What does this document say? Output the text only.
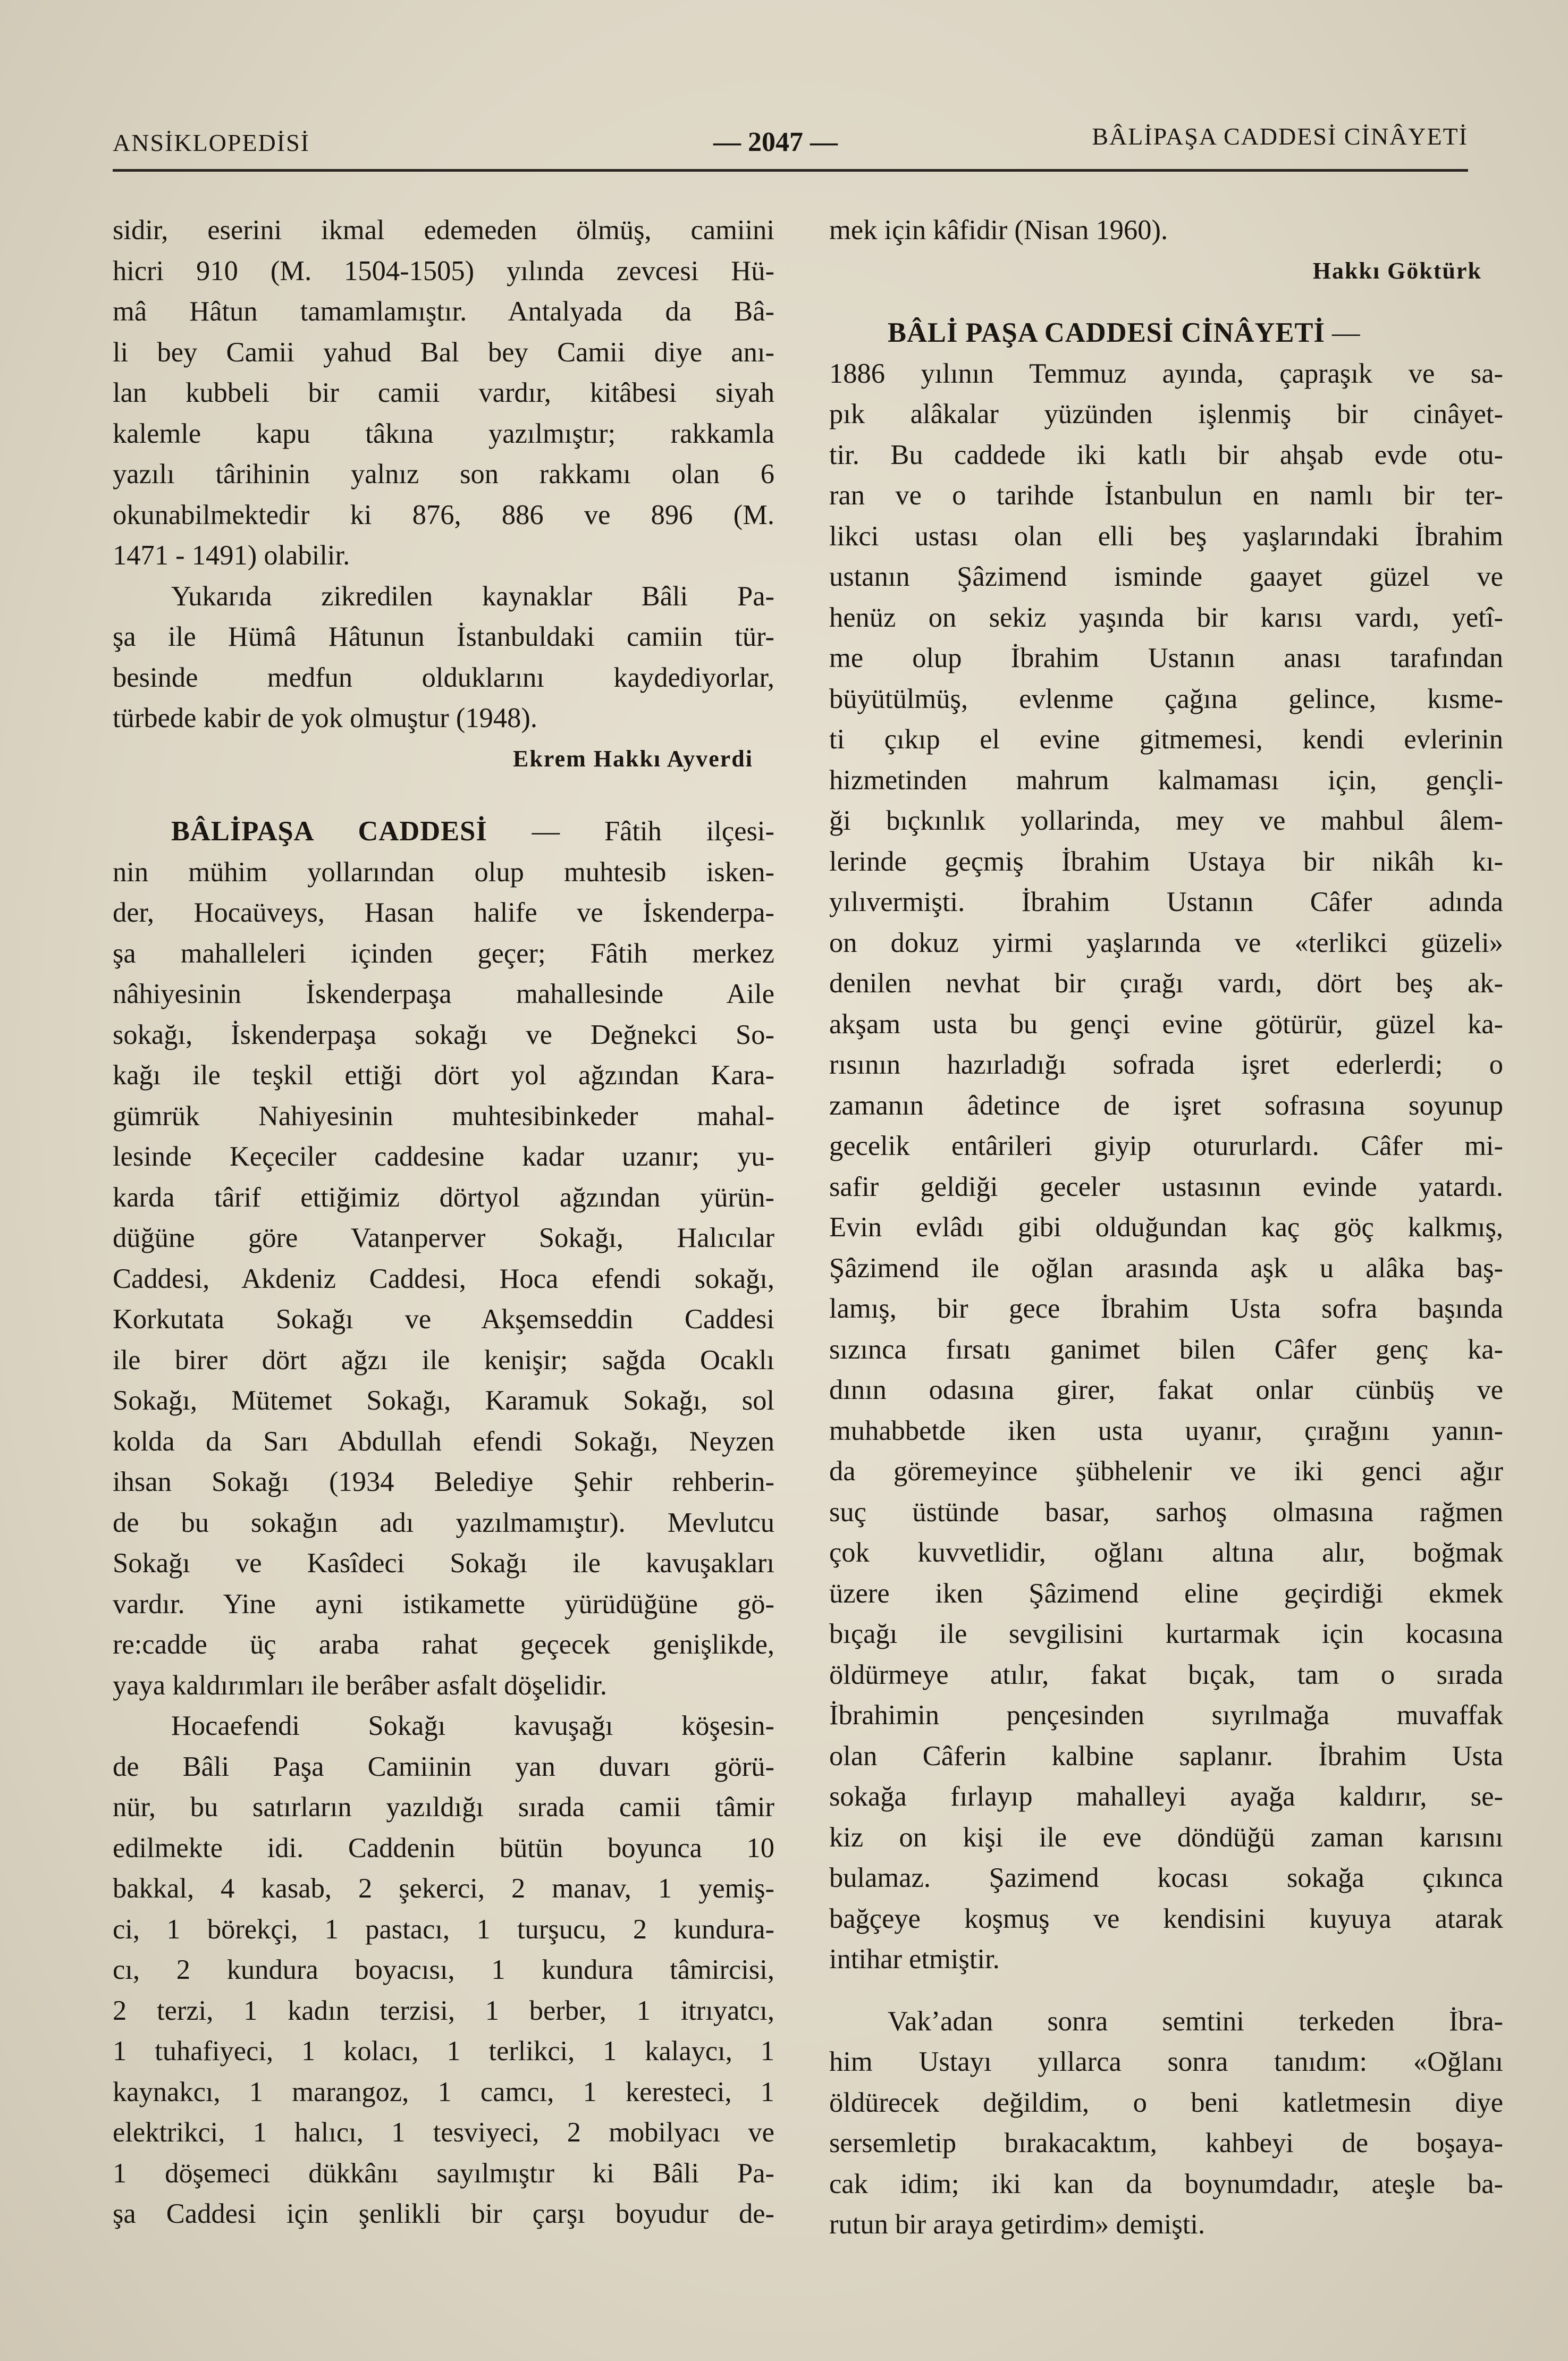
ANSİKLOPEDİSİ	— 2047 —	BÂLİPAŞA CADDESİ CİNÂYETİ
sidir, eserini ikmal edemeden ölmüş, camiini
hicri 910 (M. 1504-1505) yılında zevcesi Hü-
mâ Hâtun tamamlamıştır. Antalyada da Bâ-
li bey Camii yahud Bal bey Camii diye anı-
lan kubbeli bir camii vardır, kitâbesi siyah
kalemle kapu tâkına yazılmıştır; rakkamla
yazılı târihinin yalnız son rakkamı olan 6
okunabilmektedir ki 876, 886 ve 896 (M.
1471 - 1491) olabilir.
Yukarıda zikredilen kaynaklar Bâli Pa-
şa ile Hümâ Hâtunun İstanbuldaki camiin tür-
besinde medfun olduklarını kaydediyorlar,
türbede kabir de yok olmuştur (1948).
Ekrem Hakkı Ayverdi
BÂLİPAŞA CADDESİ — Fâtih ilçesi-
nin mühim yollarından olup muhtesib isken-
der, Hocaüveys, Hasan halife ve İskenderpa-
şa mahalleleri içinden geçer; Fâtih merkez
nâhiyesinin İskenderpaşa mahallesinde Aile
sokağı, İskenderpaşa sokağı ve Değnekci So-
kağı ile teşkil ettiği dört yol ağzından Kara-
gümrük Nahiyesinin muhtesibinkeder mahal-
lesinde Keçeciler caddesine kadar uzanır; yu-
karda târif ettiğimiz dörtyol ağzından yürün-
düğüne göre Vatanperver Sokağı, Halıcılar
Caddesi, Akdeniz Caddesi, Hoca efendi sokağı,
Korkutata Sokağı ve Akşemseddin Caddesi
ile birer dört ağzı ile kenişir; sağda Ocaklı
Sokağı, Mütemet Sokağı, Karamuk Sokağı, sol
kolda da Sarı Abdullah efendi Sokağı, Neyzen
ihsan Sokağı (1934 Belediye Şehir rehberin-
de bu sokağın adı yazılmamıştır). Mevlutcu
Sokağı ve Kasîdeci Sokağı ile kavuşakları
vardır. Yine ayni istikamette yürüdüğüne gö-
re:cadde üç araba rahat geçecek genişlikde,
yaya kaldırımları ile berâber asfalt döşelidir.
Hocaefendi Sokağı kavuşağı köşesin-
de Bâli Paşa Camiinin yan duvarı görü-
nür, bu satırların yazıldığı sırada camii tâmir
edilmekte idi. Caddenin bütün boyunca 10
bakkal, 4 kasab, 2 şekerci, 2 manav, 1 yemiş-
ci, 1 börekçi, 1 pastacı, 1 turşucu, 2 kundura-
cı, 2 kundura boyacısı, 1 kundura tâmircisi,
2 terzi, 1 kadın terzisi, 1 berber, 1 itrıyatcı,
1 tuhafiyeci, 1 kolacı, 1 terlikci, 1 kalaycı, 1
kaynakcı, 1 marangoz, 1 camcı, 1 keresteci, 1
elektrikci, 1 halıcı, 1 tesviyeci, 2 mobilyacı ve
1 döşemeci dükkânı sayılmıştır ki Bâli Pa-
şa Caddesi için şenlikli bir çarşı boyudur de-
mek için kâfidir (Nisan 1960).
Hakkı Göktürk
BÂLİ PAŞA CADDESİ CİNÂYETİ —
1886 yılının Temmuz ayında, çapraşık ve sa-
pık alâkalar yüzünden işlenmiş bir cinâyet-
tir. Bu caddede iki katlı bir ahşab evde otu-
ran ve o tarihde İstanbulun en namlı bir ter-
likci ustası olan elli beş yaşlarındaki İbrahim
ustanın Şâzimend isminde gaayet güzel ve
henüz on sekiz yaşında bir karısı vardı, yetî-
me olup İbrahim Ustanın anası tarafından
büyütülmüş, evlenme çağına gelince, kısme-
ti çıkıp el evine gitmemesi, kendi evlerinin
hizmetinden mahrum kalmaması için, gençli-
ği bıçkınlık yollarinda, mey ve mahbul âlem-
lerinde geçmiş İbrahim Ustaya bir nikâh kı-
yılıvermişti. İbrahim Ustanın Câfer adında
on dokuz yirmi yaşlarında ve «terlikci güzeli»
denilen nevhat bir çırağı vardı, dört beş ak-
akşam usta bu gençi evine götürür, güzel ka-
rısının hazırladığı sofrada işret ederlerdi; o
zamanın âdetince de işret sofrasına soyunup
gecelik entârileri giyip otururlardı. Câfer mi-
safir geldiği geceler ustasının evinde yatardı.
Evin evlâdı gibi olduğundan kaç göç kalkmış,
Şâzimend ile oğlan arasında aşk u alâka baş-
lamış, bir gece İbrahim Usta sofra başında
sızınca fırsatı ganimet bilen Câfer genç ka-
dının odasına girer, fakat onlar cünbüş ve
muhabbetde iken usta uyanır, çırağını yanın-
da göremeyince şübhelenir ve iki genci ağır
suç üstünde basar, sarhoş olmasına rağmen
çok kuvvetlidir, oğlanı altına alır, boğmak
üzere iken Şâzimend eline geçirdiği ekmek
bıçağı ile sevgilisini kurtarmak için kocasına
öldürmeye atılır, fakat bıçak, tam o sırada
İbrahimin pençesinden sıyrılmağa muvaffak
olan Câferin kalbine saplanır. İbrahim Usta
sokağa fırlayıp mahalleyi ayağa kaldırır, se-
kiz on kişi ile eve döndüğü zaman karısını
bulamaz. Şazimend kocası sokağa çıkınca
bağçeye koşmuş ve kendisini kuyuya atarak
intihar etmiştir.
Vak’adan sonra semtini terkeden İbra-
him Ustayı yıllarca sonra tanıdım: «Oğlanı
öldürecek değildim, o beni katletmesin diye
sersemletip bırakacaktım, kahbeyi de boşaya-
cak idim; iki kan da boynumdadır, ateşle ba-
rutun bir araya getirdim» demişti.
